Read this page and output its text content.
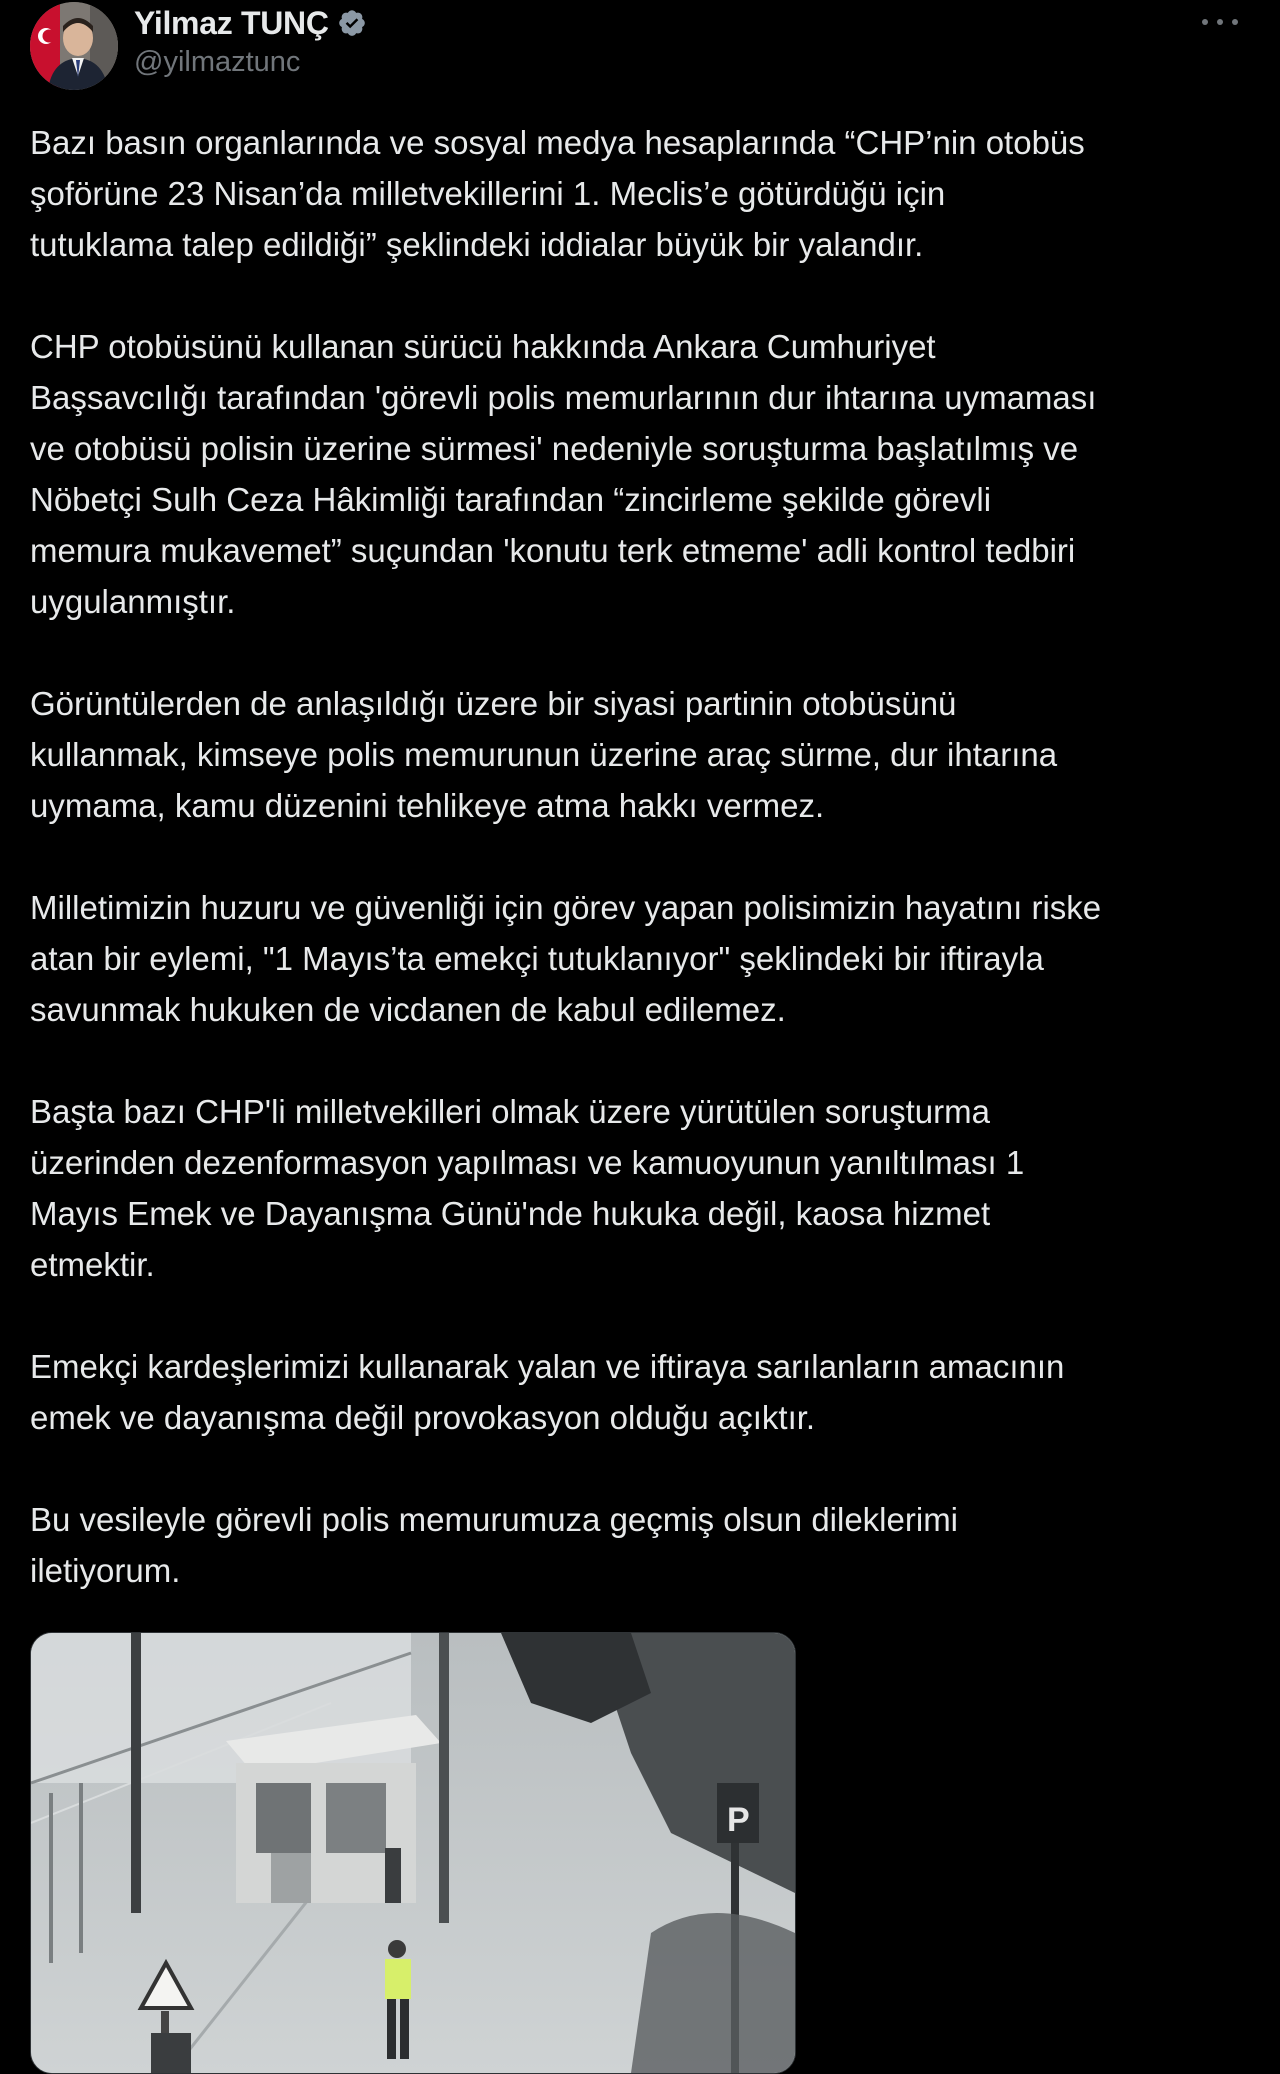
Yilmaz TUNÇ
@yilmaztunc

Bazı basın organlarında ve sosyal medya hesaplarında “CHP’nin otobüs
şoförüne 23 Nisan’da milletvekillerini 1. Meclis’e götürdüğü için
tutuklama talep edildiği” şeklindeki iddialar büyük bir yalandır.

CHP otobüsünü kullanan sürücü hakkında Ankara Cumhuriyet
Başsavcılığı tarafından 'görevli polis memurlarının dur ihtarına uymaması
ve otobüsü polisin üzerine sürmesi' nedeniyle soruşturma başlatılmış ve
Nöbetçi Sulh Ceza Hâkimliği tarafından “zincirleme şekilde görevli
memura mukavemet” suçundan 'konutu terk etmeme' adli kontrol tedbiri
uygulanmıştır.

Görüntülerden de anlaşıldığı üzere bir siyasi partinin otobüsünü
kullanmak, kimseye polis memurunun üzerine araç sürme, dur ihtarına
uymama, kamu düzenini tehlikeye atma hakkı vermez.

Milletimizin huzuru ve güvenliği için görev yapan polisimizin hayatını riske
atan bir eylemi, "1 Mayıs’ta emekçi tutuklanıyor" şeklindeki bir iftirayla
savunmak hukuken de vicdanen de kabul edilemez.

Başta bazı CHP'li milletvekilleri olmak üzere yürütülen soruşturma
üzerinden dezenformasyon yapılması ve kamuoyunun yanıltılması 1
Mayıs Emek ve Dayanışma Günü'nde hukuka değil, kaosa hizmet
etmektir.

Emekçi kardeşlerimizi kullanarak yalan ve iftiraya sarılanların amacının
emek ve dayanışma değil provokasyon olduğu açıktır.

Bu vesileyle görevli polis memurumuza geçmiş olsun dileklerimi
iletiyorum.

P
